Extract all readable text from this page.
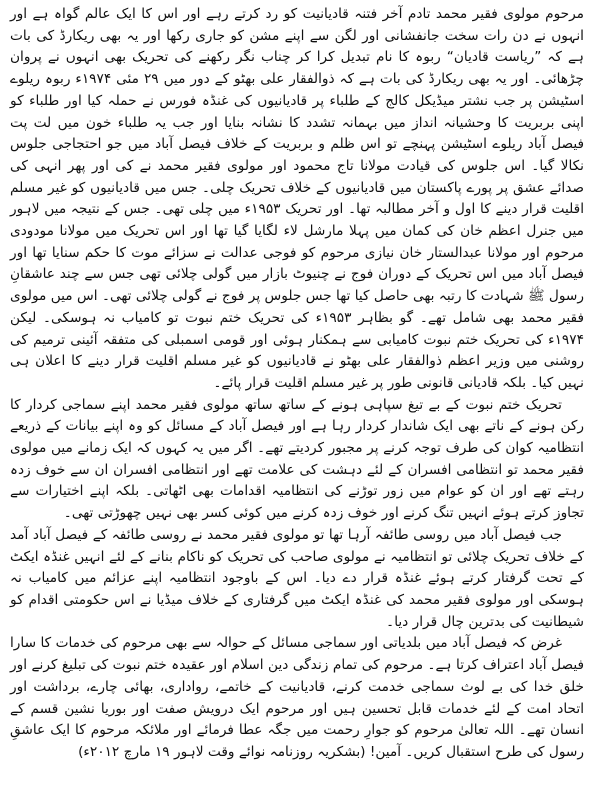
مرحوم مولوی فقیر محمد تادم آخر فتنہ قادیانیت کو رد کرتے رہے اور اس کا ایک عالم گواہ ہے اور انہوں نے دن رات سخت جانفشانی اور لگن سے اپنے مشن کو جاری رکھا اور یہ بھی ریکارڈ کی بات ہے کہ ”ریاست قادیان“ ربوہ کا نام تبدیل کرا کر چناب نگر رکھنے کی تحریک بھی انہوں نے پروان چڑھائی۔ اور یہ بھی ریکارڈ کی بات ہے کہ ذوالفقار علی بھٹو کے دور میں ۲۹ مئی ۱۹۷۴ء ربوہ ریلوے اسٹیشن پر جب نشتر میڈیکل کالج کے طلباء پر قادیانیوں کی غنڈہ فورس نے حملہ کیا اور طلباء کو اپنی بربریت کا وحشیانہ انداز میں بہمانہ تشدد کا نشانہ بنایا اور جب یہ طلباء خون میں لت پت فیصل آباد ریلوے اسٹیشن پہنچے تو اس ظلم و بربریت کے خلاف فیصل آباد میں جو احتجاجی جلوس نکالا گیا۔ اس جلوس کی قیادت مولانا تاج محمود اور مولوی فقیر محمد نے کی اور پھر انہی کی صدائے عشق پر پورے پاکستان میں قادیانیوں کے خلاف تحریک چلی۔ جس میں قادیانیوں کو غیر مسلم اقلیت قرار دینے کا اول و آخر مطالبہ تھا۔ اور تحریک ۱۹۵۳ء میں چلی تھی۔ جس کے نتیجہ میں لاہور میں جنرل اعظم خان کی کمان میں پہلا مارشل لاء لگایا گیا تھا اور اس تحریک میں مولانا مودودی مرحوم اور مولانا عبدالستار خان نیازی مرحوم کو فوجی عدالت نے سزائے موت کا حکم سنایا تھا اور فیصل آباد میں اس تحریک کے دوران فوج نے چنیوٹ بازار میں گولی چلائی تھی جس سے چند عاشقانِ رسول ﷺ شہادت کا رتبہ بھی حاصل کیا تھا جس جلوس پر فوج نے گولی چلائی تھی۔ اس میں مولوی فقیر محمد بھی شامل تھے۔ گو بظاہر ۱۹۵۳ء کی تحریک ختم نبوت تو کامیاب نہ ہوسکی۔ لیکن ۱۹۷۴ء کی تحریک ختم نبوت کامیابی سے ہمکنار ہوئی اور قومی اسمبلی کی متفقہ آئینی ترمیم کی روشنی میں وزیر اعظم ذوالفقار علی بھٹو نے قادیانیوں کو غیر مسلم اقلیت قرار دینے کا اعلان ہی نہیں کیا۔ بلکہ قادیانی قانونی طور پر غیر مسلم اقلیت قرار پائے۔

تحریک ختم نبوت کے بے تیغ سپاہی ہونے کے ساتھ ساتھ مولوی فقیر محمد اپنے سماجی کردار کا رکن ہونے کے ناتے بھی ایک شاندار کردار رہا ہے اور فیصل آباد کے مسائل کو وہ اپنے بیانات کے ذریعے انتظامیہ کوان کی طرف توجہ کرنے پر مجبور کردیتے تھے۔ اگر میں یہ کہوں کہ ایک زمانے میں مولوی فقیر محمد تو انتظامی افسران کے لئے دہشت کی علامت تھے اور انتظامی افسران ان سے خوف زدہ رہتے تھے اور ان کو عوام میں زور توڑنے کی انتظامیہ اقدامات بھی اٹھاتی۔ بلکہ اپنے اختیارات سے تجاوز کرتے ہوئے انہیں تنگ کرنے اور خوف زدہ کرنے میں کوئی کسر بھی نہیں چھوڑتی تھی۔

جب فیصل آباد میں روسی طائفہ آرہا تھا تو مولوی فقیر محمد نے روسی طائفہ کے فیصل آباد آمد کے خلاف تحریک چلائی تو انتظامیہ نے مولوی صاحب کی تحریک کو ناکام بنانے کے لئے انہیں غنڈہ ایکٹ کے تحت گرفتار کرتے ہوئے غنڈہ قرار دے دیا۔ اس کے باوجود انتظامیہ اپنے عزائم میں کامیاب نہ ہوسکی اور مولوی فقیر محمد کی غنڈہ ایکٹ میں گرفتاری کے خلاف میڈیا نے اس حکومتی اقدام کو شیطانیت کی بدترین چال قرار دیا۔

غرض کہ فیصل آباد میں بلدیاتی اور سماجی مسائل کے حوالہ سے بھی مرحوم کی خدمات کا سارا فیصل آباد اعتراف کرتا ہے۔ مرحوم کی تمام زندگی دین اسلام اور عقیدہ ختم نبوت کی تبلیغ کرنے اور خلق خدا کی بے لوث سماجی خدمت کرنے، قادیانیت کے خاتمے، رواداری، بھائی چارے، برداشت اور اتحاد امت کے لئے خدمات قابل تحسین ہیں اور مرحوم ایک درویش صفت اور بوریا نشین قسم کے انسان تھے۔ اللہ تعالیٰ مرحوم کو جوارِ رحمت میں جگہ عطا فرمائے اور ملائکہ مرحوم کا ایک عاشقِ رسول کی طرح استقبال کریں۔ آمین! (بشکریہ روزنامہ نوائے وقت لاہور ۱۹ مارچ ۲۰۱۲ء)
